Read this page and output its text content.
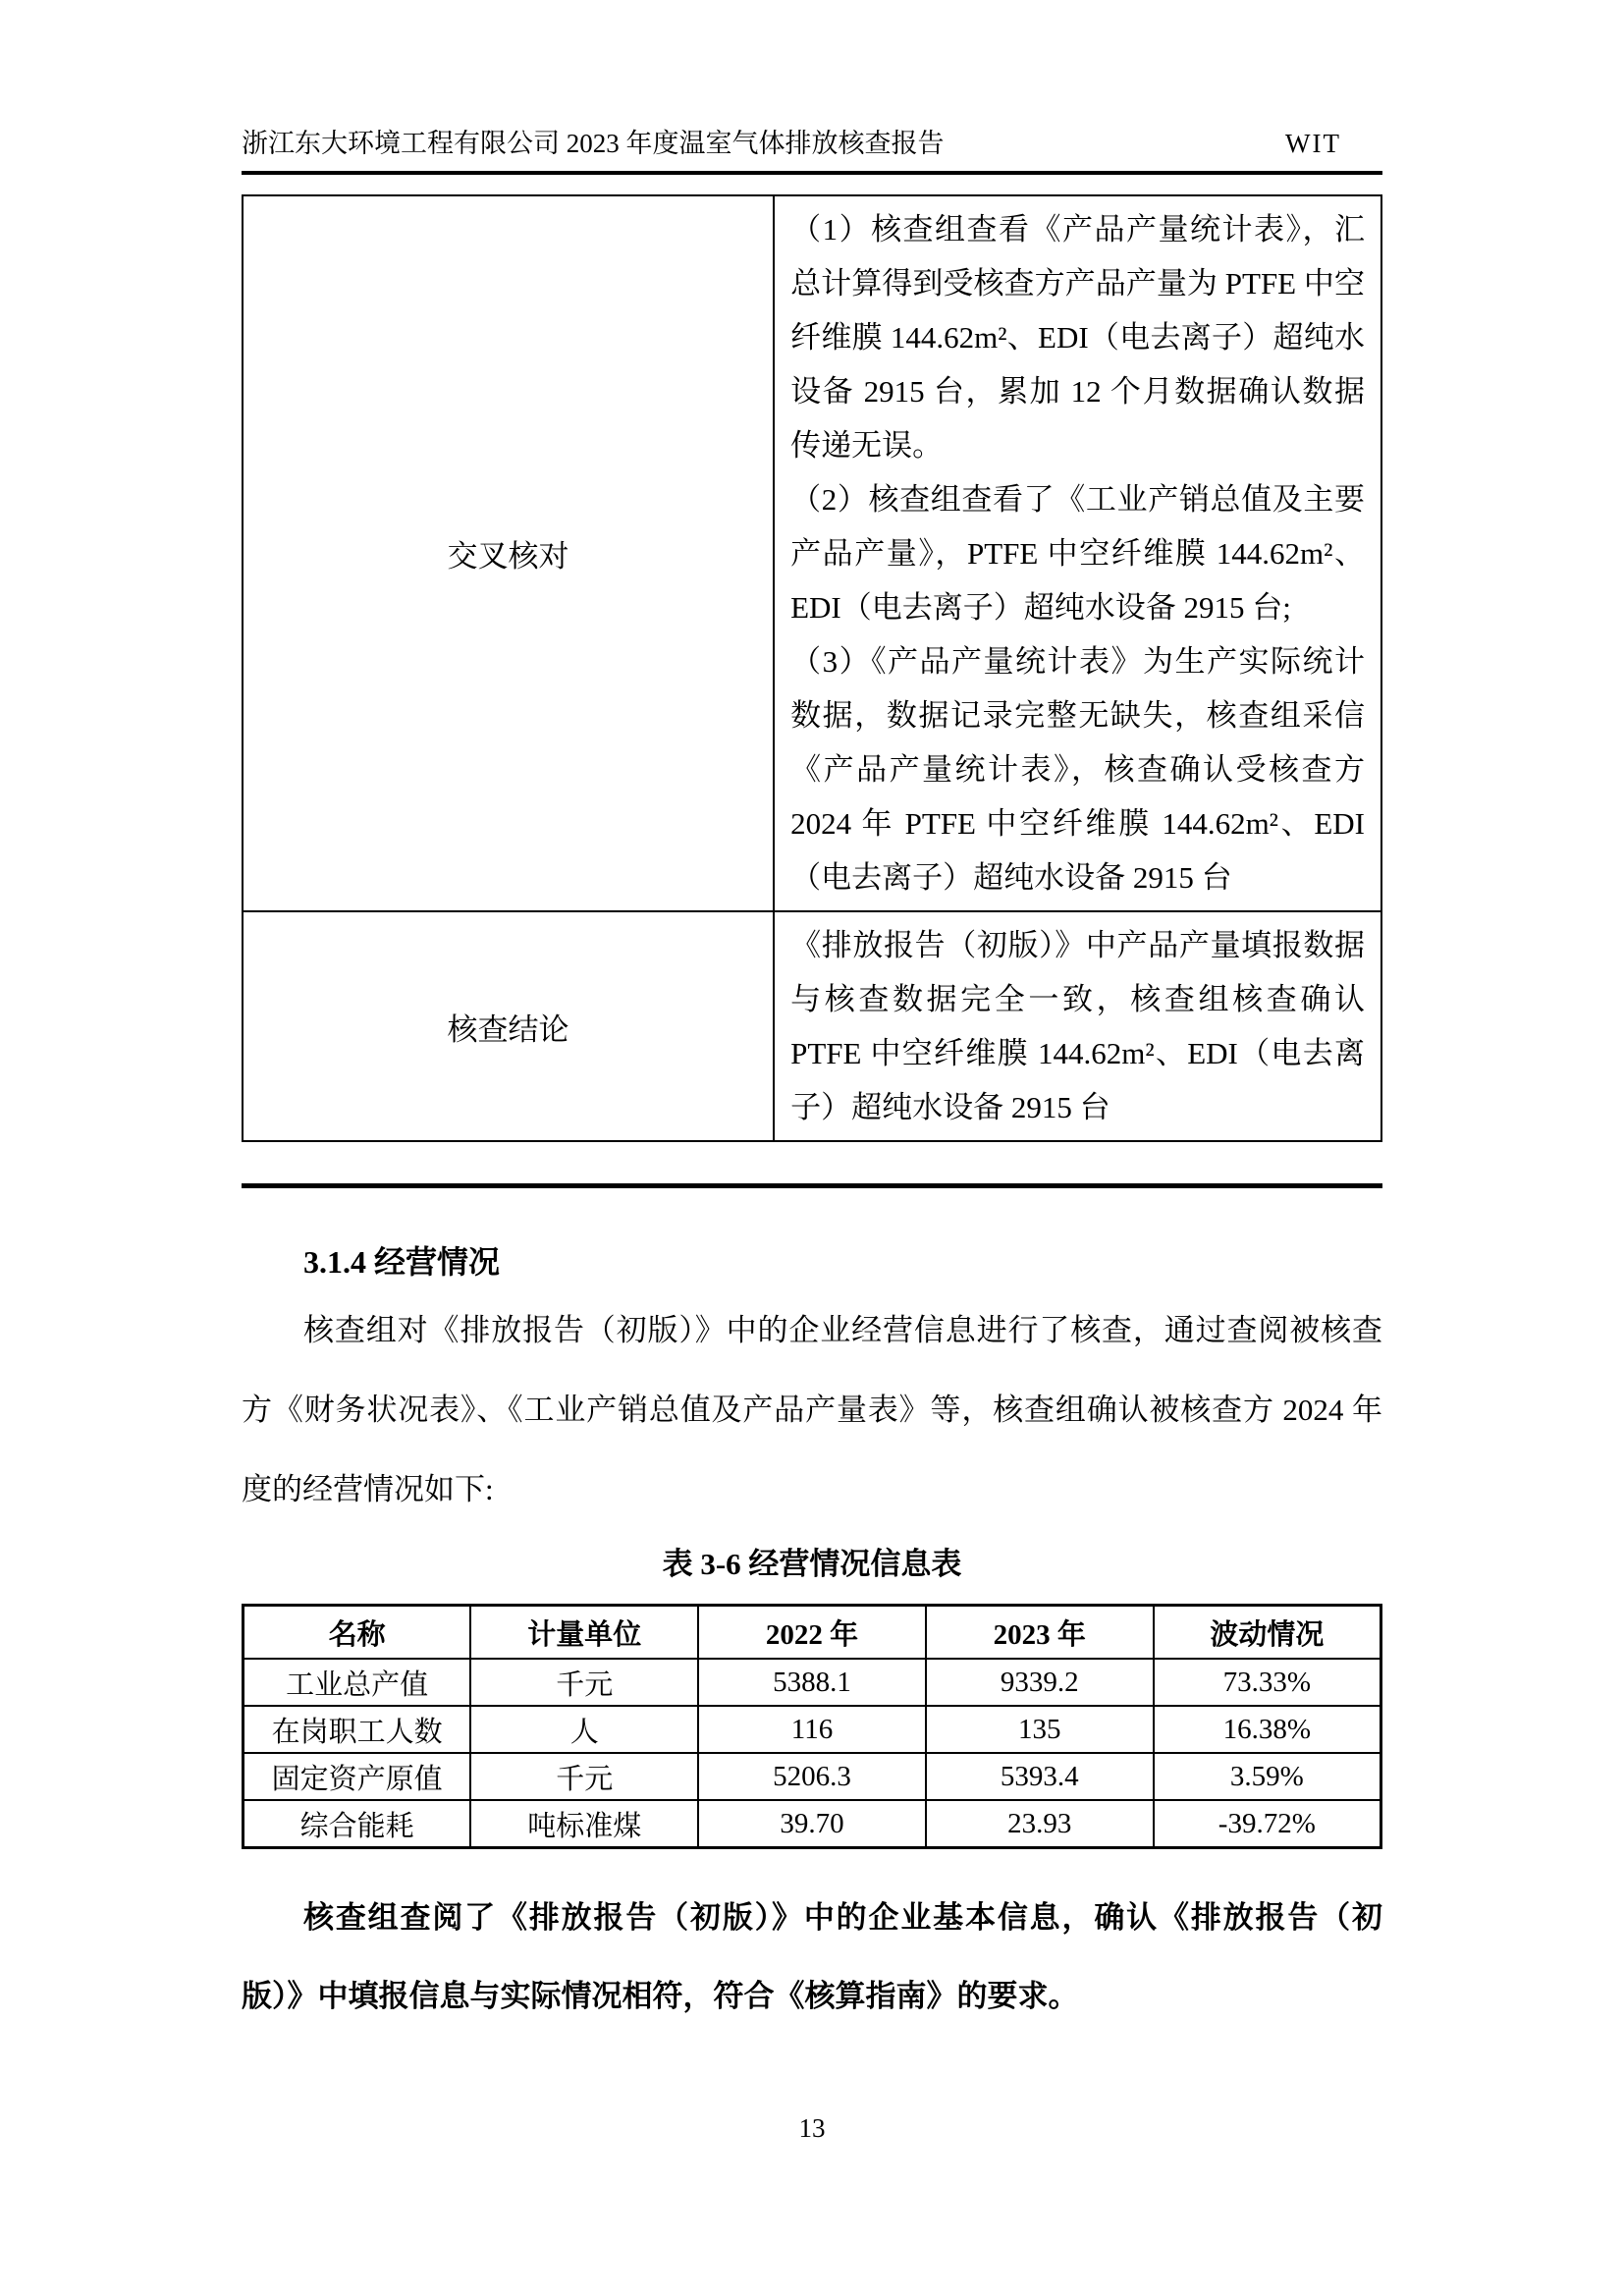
浙江东大环境工程有限公司 2023 年度温室气体排放核查报告	WIT
交叉核对	（1）核查组查看《产品产量统计表》，汇总计算得到受核查方产品产量为 PTFE 中空纤维膜 144.62m²、EDI（电去离子）超纯水设备 2915 台，累加 12 个月数据确认数据传递无误。

（2）核查组查看了《工业产销总值及主要产品产量》，PTFE 中空纤维膜 144.62m²、EDI（电去离子）超纯水设备 2915 台;

（3）《产品产量统计表》为生产实际统计数据，数据记录完整无缺失，核查组采信《产品产量统计表》，核查确认受核查方 2024 年 PTFE 中空纤维膜 144.62m²、EDI（电去离子）超纯水设备 2915 台

核查结论	《排放报告（初版）》中产品产量填报数据与核查数据完全一致，核查组核查确认 PTFE 中空纤维膜 144.62m²、EDI（电去离子）超纯水设备 2915 台

3.1.4 经营情况

核查组对《排放报告（初版）》中的企业经营信息进行了核查，通过查阅被核查方《财务状况表》、《工业产销总值及产品产量表》等，核查组确认被核查方 2024 年度的经营情况如下:

表 3-6 经营情况信息表
名称	计量单位	2022 年	2023 年	波动情况
工业总产值	千元	5388.1	9339.2	73.33%
在岗职工人数	人	116	135	16.38%
固定资产原值	千元	5206.3	5393.4	3.59%
综合能耗	吨标准煤	39.70	23.93	-39.72%

核查组查阅了《排放报告（初版）》中的企业基本信息，确认《排放报告（初版）》中填报信息与实际情况相符，符合《核算指南》的要求。

13
